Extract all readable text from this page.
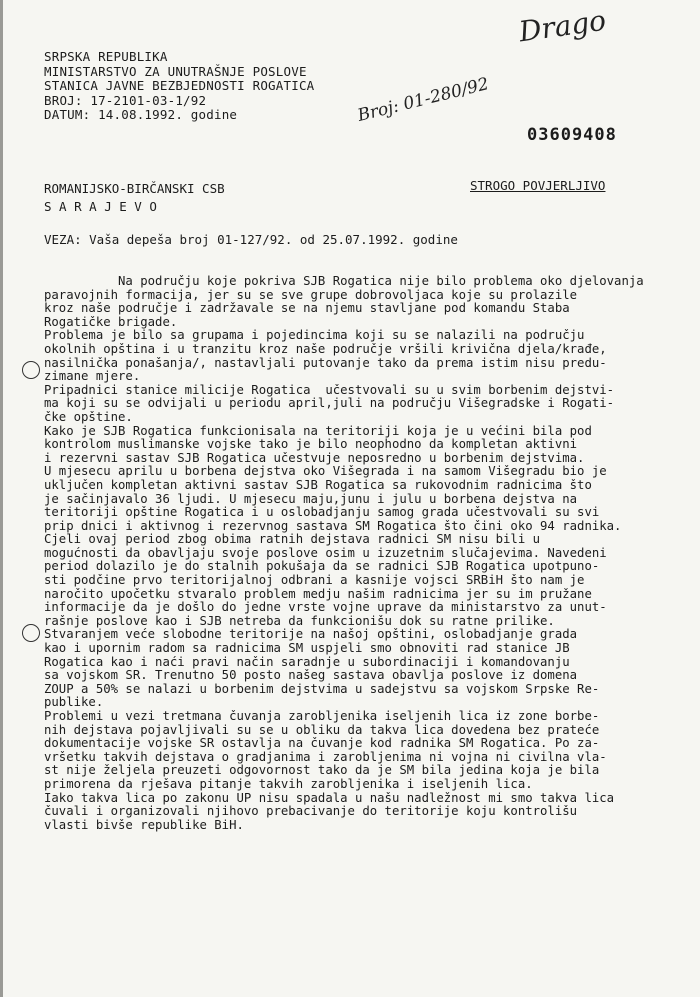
Drago
Broj: 01-280/92
SRPSKA REPUBLIKA
MINISTARSTVO ZA UNUTRAŠNJE POSLOVE
STANICA JAVNE BEZBJEDNOSTI ROGATICA
BROJ: 17-2101-03-1/92
DATUM: 14.08.1992. godine
03609408
ROMANIJSKO-BIRČANSKI CSB
S A R A J E V O
STROGO POVJERLJIVO
VEZA: Vaša depeša broj 01-127/92. od 25.07.1992. godine
Na području koje pokriva SJB Rogatica nije bilo problema oko djelovanja
paravojnih formacija, jer su se sve grupe dobrovoljaca koje su prolazile
kroz naše područje i zadržavale se na njemu stavljane pod komandu Štaba
Rogatičke brigade.
Problema je bilo sa grupama i pojedincima koji su se nalazili na području
okolnih opština i u tranzitu kroz naše područje vršili krivična djela/krađe,
nasilnička ponašanja/, nastavljali putovanje tako da prema istim nisu predu-
zimane mjere.
Pripadnici stanice milicije Rogatica  učestvovali su u svim borbenim dejstvi-
ma koji su se odvijali u periodu april,juli na području Višegradske i Rogati-
čke opštine.
Kako je SJB Rogatica funkcionisala na teritoriji koja je u većini bila pod
kontrolom muslimanske vojske tako je bilo neophodno da kompletan aktivni
i rezervni sastav SJB Rogatica učestvuje neposredno u borbenim dejstvima.
U mjesecu aprilu u borbena dejstva oko Višegrada i na samom Višegradu bio je
uključen kompletan aktivni sastav SJB Rogatica sa rukovodnim radnicima što
je sačinjavalo 36 ljudi. U mjesecu maju,junu i julu u borbena dejstva na
teritoriji opštine Rogatica i u oslobadjanju samog grada učestvovali su svi
prip dnici i aktivnog i rezervnog sastava SM Rogatica što čini oko 94 radnika.
Cjeli ovaj period zbog obima ratnih dejstava radnici SM nisu bili u
mogućnosti da obavljaju svoje poslove osim u izuzetnim slučajevima. Navedeni
period dolazilo je do stalnih pokušaja da se radnici SJB Rogatica upotpuno-
sti podčine prvo teritorijalnoj odbrani a kasnije vojsci SRBiH što nam je
naročito upočetku stvaralo problem medju našim radnicima jer su im pružane
informacije da je došlo do jedne vrste vojne uprave da ministarstvo za unut-
rašnje poslove kao i SJB netreba da funkcionišu dok su ratne prilike.
Stvaranjem veće slobodne teritorije na našoj opštini, oslobadjanje grada
kao i upornim radom sa radnicima SM uspjeli smo obnoviti rad stanice JB
Rogatica kao i naći pravi način saradnje u subordinaciji i komandovanju
sa vojskom SR. Trenutno 50 posto našeg sastava obavlja poslove iz domena
ZOUP a 50% se nalazi u borbenim dejstvima u sadejstvu sa vojskom Srpske Re-
publike.
Problemi u vezi tretmana čuvanja zarobljenika iseljenih lica iz zone borbe-
nih dejstava pojavljivali su se u obliku da takva lica dovedena bez prateće
dokumentacije vojske SR ostavlja na čuvanje kod radnika SM Rogatica. Po za-
vršetku takvih dejstava o gradjanima i zarobljenima ni vojna ni civilna vla-
st nije željela preuzeti odgovornost tako da je SM bila jedina koja je bila
primorena da rješava pitanje takvih zarobljenika i iseljenih lica.
Iako takva lica po zakonu UP nisu spadala u našu nadležnost mi smo takva lica
čuvali i organizovali njihovo prebacivanje do teritorije koju kontrolišu
vlasti bivše republike BiH.
